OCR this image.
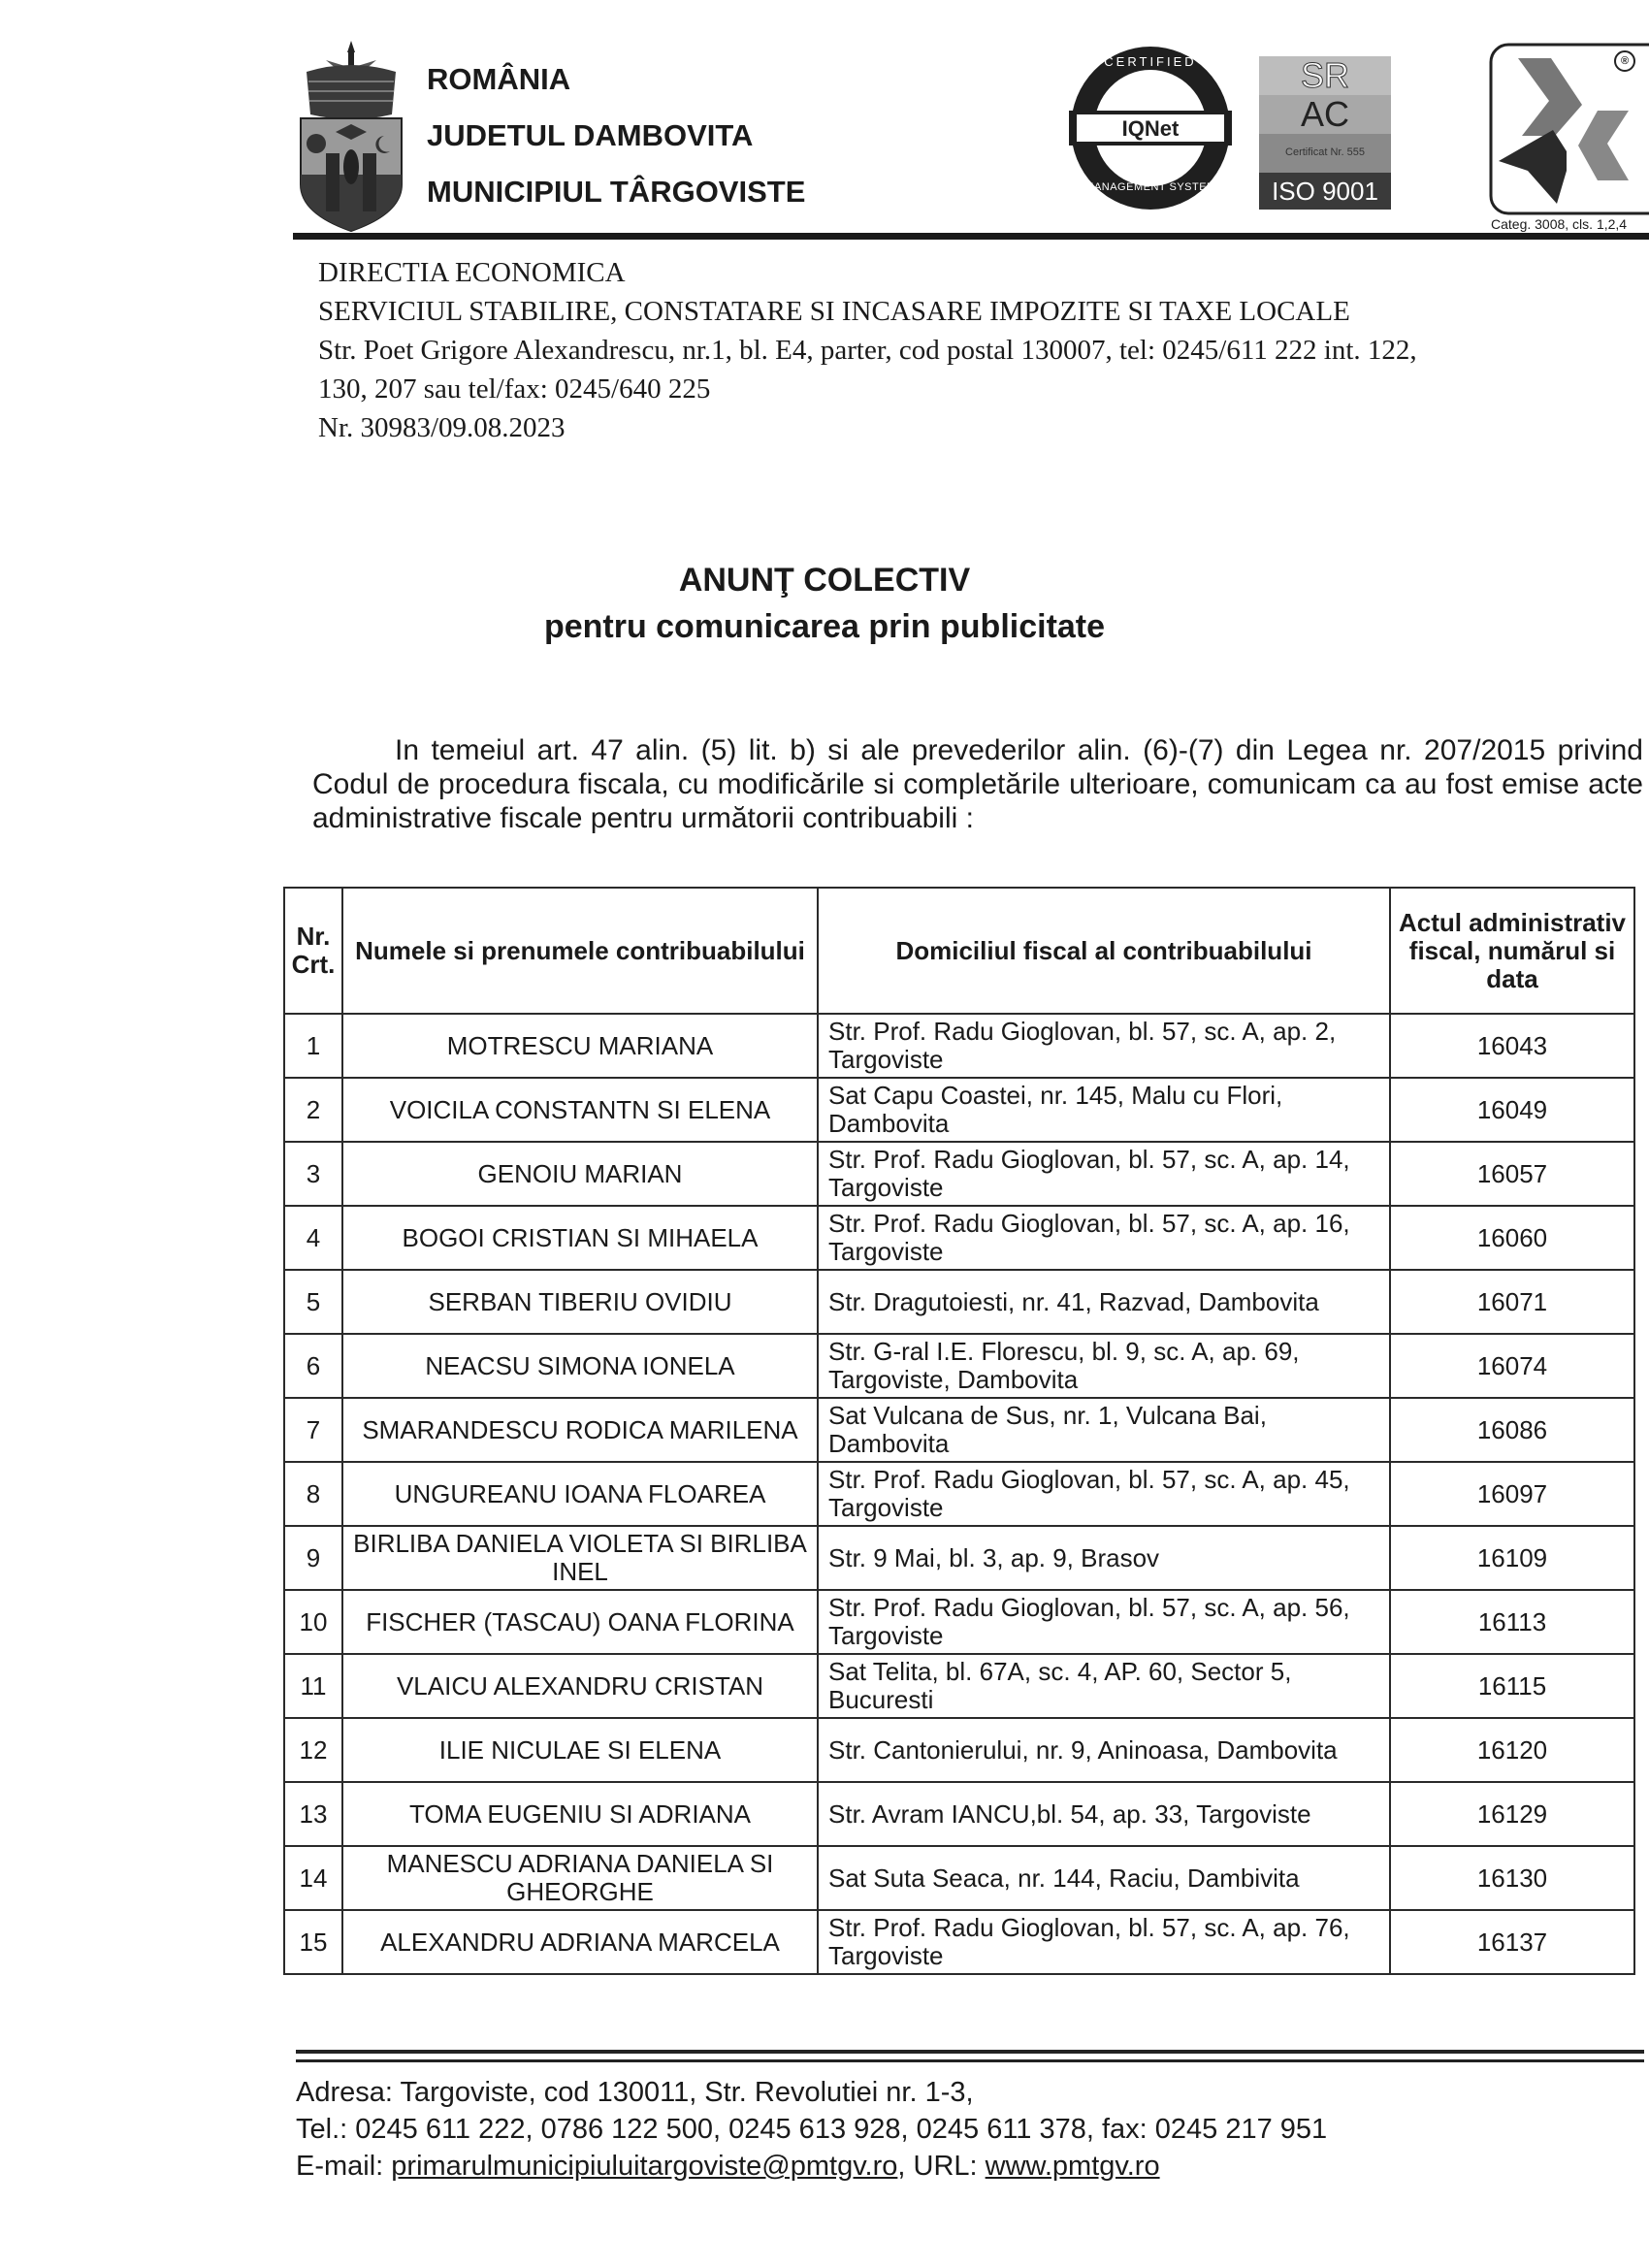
ROMÂNIA
JUDETUL DAMBOVITA
MUNICIPIUL TÂRGOVISTE
CERTIFIED
IQNet
MANAGEMENT SYSTEM
SR
AC
Certificat Nr. 555
ISO 9001
®
Categ. 3008, cls. 1,2,4
DIRECTIA ECONOMICA
SERVICIUL STABILIRE, CONSTATARE SI INCASARE IMPOZITE SI TAXE LOCALE
Str. Poet Grigore Alexandrescu, nr.1, bl. E4, parter, cod postal 130007, tel: 0245/611 222 int. 122,
130, 207 sau tel/fax: 0245/640 225
Nr. 30983/09.08.2023
ANUNŢ COLECTIV
pentru comunicarea prin publicitate
In temeiul art. 47 alin. (5) lit. b) si ale prevederilor alin. (6)-(7) din Legea nr. 207/2015 privind Codul de procedura fiscala, cu modificările si completările ulterioare, comunicam ca au fost emise acte administrative fiscale pentru următorii contribuabili :
Nr. Crt.	Numele si prenumele contribuabilului	Domiciliul fiscal al contribuabilului	Actul administrativ fiscal, numărul si data
1	MOTRESCU MARIANA	Str. Prof. Radu Gioglovan, bl. 57, sc. A, ap. 2, Targoviste	16043
2	VOICILA CONSTANTN SI ELENA	Sat Capu Coastei, nr. 145, Malu cu Flori, Dambovita	16049
3	GENOIU MARIAN	Str. Prof. Radu Gioglovan, bl. 57, sc. A, ap. 14, Targoviste	16057
4	BOGOI CRISTIAN SI MIHAELA	Str. Prof. Radu Gioglovan, bl. 57, sc. A, ap. 16, Targoviste	16060
5	SERBAN TIBERIU OVIDIU	Str. Dragutoiesti, nr. 41, Razvad, Dambovita	16071
6	NEACSU SIMONA IONELA	Str. G-ral I.E. Florescu, bl. 9, sc. A, ap. 69, Targoviste, Dambovita	16074
7	SMARANDESCU RODICA MARILENA	Sat Vulcana de Sus, nr. 1, Vulcana Bai, Dambovita	16086
8	UNGUREANU IOANA FLOAREA	Str. Prof. Radu Gioglovan, bl. 57, sc. A, ap. 45, Targoviste	16097
9	BIRLIBA DANIELA VIOLETA SI BIRLIBA INEL	Str. 9 Mai, bl. 3, ap. 9, Brasov	16109
10	FISCHER (TASCAU) OANA FLORINA	Str. Prof. Radu Gioglovan, bl. 57, sc. A, ap. 56, Targoviste	16113
11	VLAICU ALEXANDRU CRISTAN	Sat Telita, bl. 67A, sc. 4, AP. 60, Sector 5, Bucuresti	16115
12	ILIE NICULAE SI ELENA	Str. Cantonierului, nr. 9, Aninoasa, Dambovita	16120
13	TOMA EUGENIU SI ADRIANA	Str. Avram IANCU,bl. 54, ap. 33, Targoviste	16129
14	MANESCU ADRIANA DANIELA SI GHEORGHE	Sat Suta Seaca, nr. 144, Raciu, Dambivita	16130
15	ALEXANDRU ADRIANA MARCELA	Str. Prof. Radu Gioglovan, bl. 57, sc. A, ap. 76, Targoviste	16137
Adresa: Targoviste, cod 130011, Str. Revolutiei nr. 1-3,
Tel.: 0245 611 222, 0786 122 500, 0245 613 928, 0245 611 378, fax: 0245 217 951
E-mail: primarulmunicipiuluitargoviste@pmtgv.ro, URL: www.pmtgv.ro
